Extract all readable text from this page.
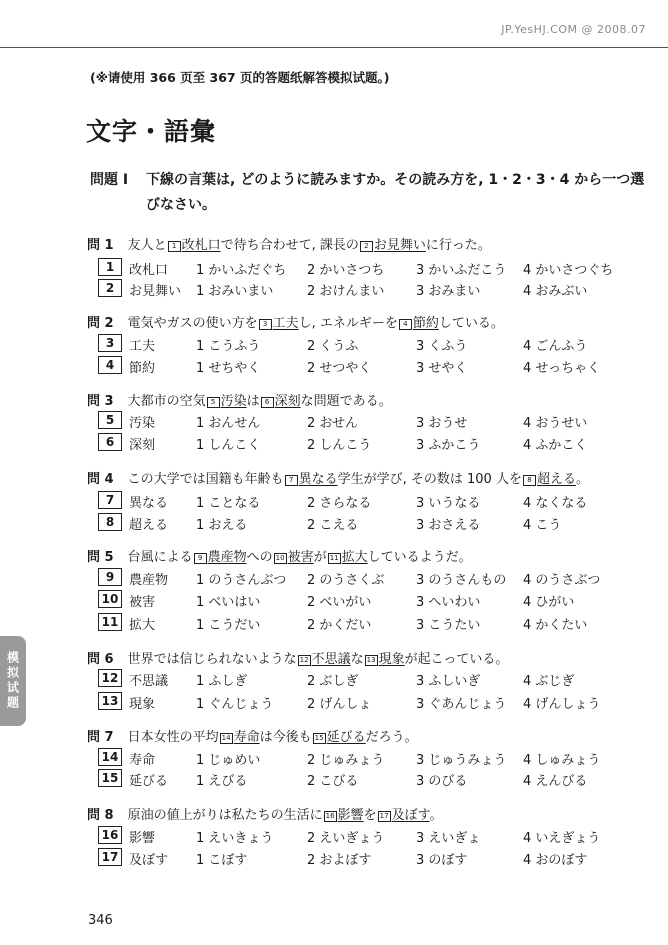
JP.YesHJ.COM @ 2008.07
(※请使用 366 页至 367 页的答题纸解答模拟试题。)
文字・語彙
問題 I	下線の言葉は, どのように読みますか。その読み方を, 1・2・3・4 から一つ選びなさい。
模拟试题
問 1 友人と 1 改札口で待ち合わせて, 課長の 2 お見舞いに行った。
1	改札口 1 かいふだぐち 2 かいさつち 3 かいふだこう 4 かいさつぐち
2	お見舞い 1 おみいまい	2 おけんまい 3 おみまい	4 おみぶい
問 2 電気やガスの使い方を 3 工夫し, エネルギーを 4 節約している。
3	工夫	1 こうふう	2 くうふ	3 くふう	4 ごんふう
4	節約	1 せちやく	2 せつやく	3 せやく	4 せっちゃく
問 3 大都市の空気 5 汚染は 6 深刻な問題である。
5	汚染	1 おんせん	2 おせん	3 おうせ	4 おうせい
6	深刻	1 しんこく	2 しんこう	3 ふかこう	4 ふかこく
問 4 この大学では国籍も年齢も 7 異なる学生が学び, その数は 100 人を 8 超える。
7	異なる 1 ことなる	2 さらなる	3 いうなる	4 なくなる
8	超える 1 おえる	2 こえる	3 おさえる	4 こう
問 5 台風による 9 農産物への 10 被害が 11 拡大しているようだ。
9	農産物 1 のうさんぶつ 2 のうさくぶ 3 のうさんもの 4 のうさぶつ
10 被害	1 べいはい	2 べいがい	3 へいわい	4 ひがい
11 拡大	1 こうだい	2 かくだい	3 こうたい	4 かくたい
問 6 世界では信じられないような 12 不思議な 13 現象が起こっている。
12 不思議 1 ふしぎ	2 ぶしぎ	3 ふしいぎ	4 ぶじぎ
13 現象	1 ぐんじょう	2 げんしょ	3 ぐあんじょう 4 げんしょう
問 7 日本女性の平均 14 寿命は今後も 15 延びるだろう。
14 寿命	1 じゅめい	2 じゅみょう 3 じゅうみょう 4 しゅみょう
15 延びる 1 えびる	2 こびる	3 のびる	4 えんびる
問 8 原油の値上がりは私たちの生活に 16 影響を 17 及ぼす。
16 影響	1 えいきょう	2 えいぎょう 3 えいぎょ	4 いえぎょう
17 及ぼす 1 こぼす	2 およぼす	3 のぼす	4 おのぼす
346
